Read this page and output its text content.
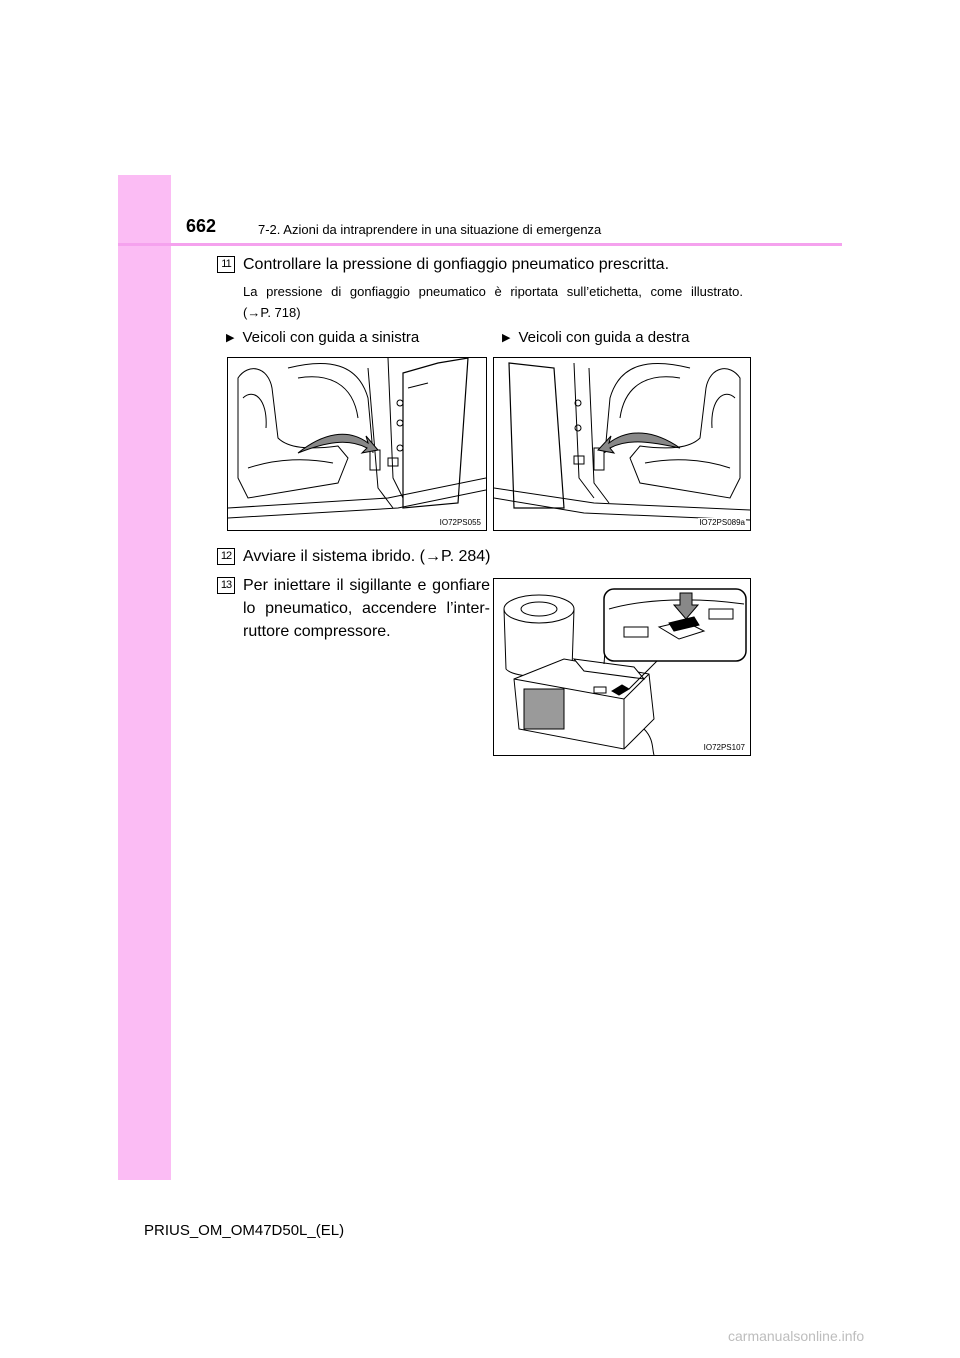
662	7-2. Azioni da intraprendere in una situazione di emergenza
11 Controllare la pressione di gonfiaggio pneumatico prescritta.
La pressione di gonfiaggio pneumatico è riportata sull’etichetta, come illustrato.
(→P. 718)
▶ Veicoli con guida a sinistra	▶ Veicoli con guida a destra
IO72PS055	IO72PS089a
12 Avviare il sistema ibrido. (→P. 284)
13 Per iniettare il sigillante e gonfiare lo pneumatico, accendere l’inter-ruttore compressore.
IO72PS107
PRIUS_OM_OM47D50L_(EL)
carmanualsonline.info
